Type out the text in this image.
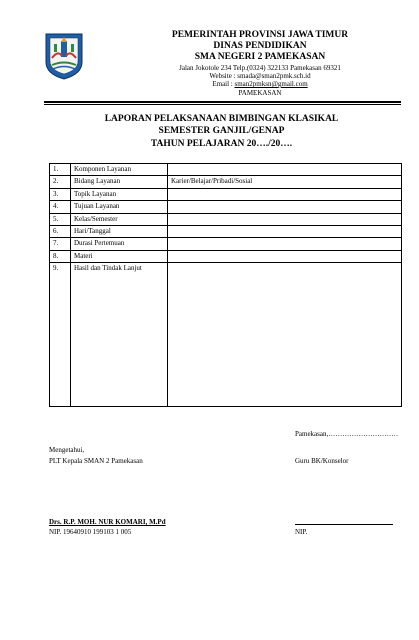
PEMERINTAH PROVINSI JAWA TIMUR
DINAS PENDIDIKAN
SMA NEGERI 2 PAMEKASAN
Jalan Jokotole 234 Telp.(0324) 322133 Pamekasan 69321
Website : smada@sman2pmk.sch.id
Email : sman2pmksn@gmail.com
PAMEKASAN
LAPORAN PELAKSANAAN BIMBINGAN KLASIKAL
SEMESTER GANJIL/GENAP
TAHUN PELAJARAN 20…./20….
1.	Komponen Layanan	
2.	Bidang Layanan	Karier/Belajar/Pribadi/Sosial
3.	Topik Layanan	
4.	Tujuan Layanan	
5.	Kelas/Semester	
6.	Hari/Tanggal	
7.	Durasi Pertemuan	
8.	Materi	
9.	Hasil dan Tindak Lanjut	
Pamekasan,…………………………
Mengetahui,
PLT Kepala SMAN 2 Pamekasan	Guru BK/Konselor
Drs. R.P. MOH. NUR KOMARI, M.Pd
NIP. 19640910 199103 1 005	NIP.
